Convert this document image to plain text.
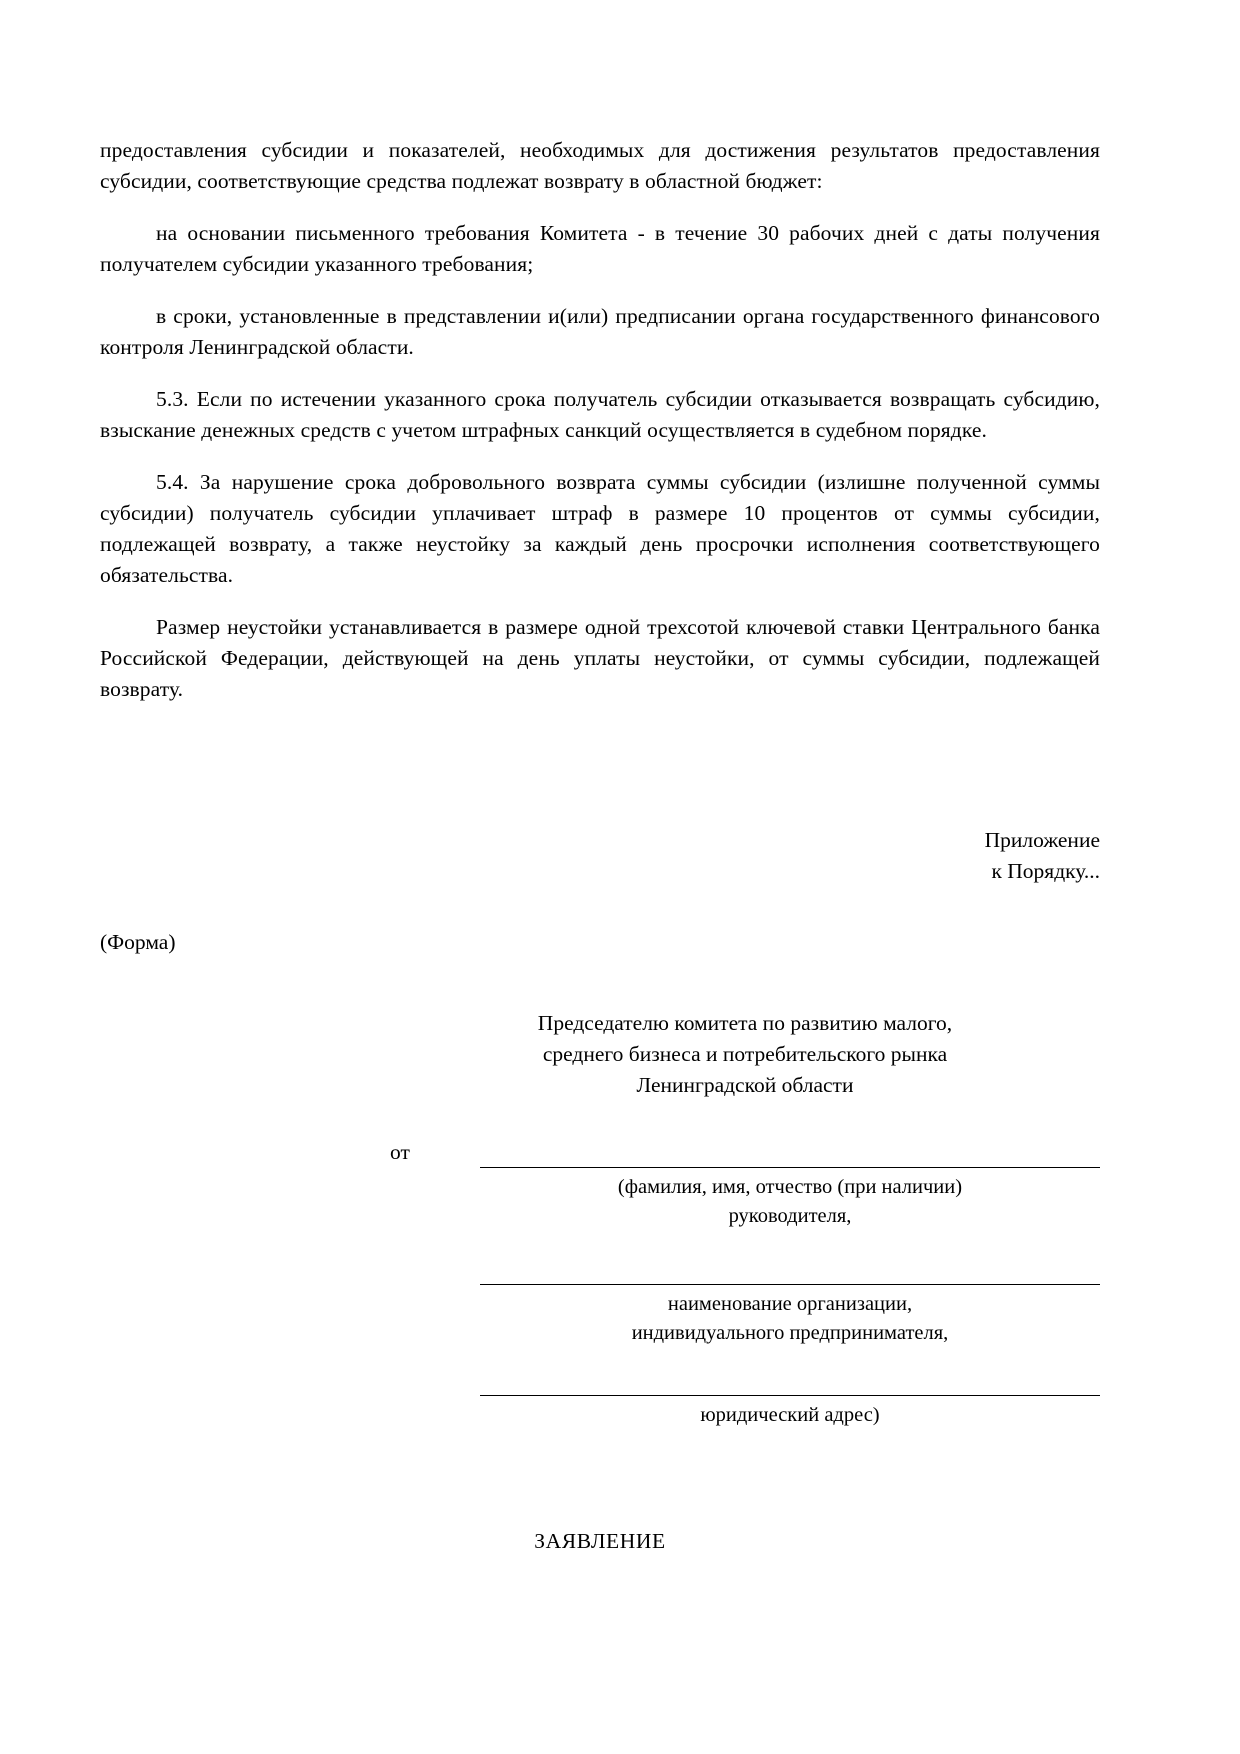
предоставления субсидии и показателей, необходимых для достижения результатов предоставления субсидии, соответствующие средства подлежат возврату в областной бюджет:

на основании письменного требования Комитета - в течение 30 рабочих дней с даты получения получателем субсидии указанного требования;

в сроки, установленные в представлении и(или) предписании органа государственного финансового контроля Ленинградской области.

5.3. Если по истечении указанного срока получатель субсидии отказывается возвращать субсидию, взыскание денежных средств с учетом штрафных санкций осуществляется в судебном порядке.

5.4. За нарушение срока добровольного возврата суммы субсидии (излишне полученной суммы субсидии) получатель субсидии уплачивает штраф в размере 10 процентов от суммы субсидии, подлежащей возврату, а также неустойку за каждый день просрочки исполнения соответствующего обязательства.

Размер неустойки устанавливается в размере одной трехсотой ключевой ставки Центрального банка Российской Федерации, действующей на день уплаты неустойки, от суммы субсидии, подлежащей возврату.

Приложение
к Порядку...
(Форма)
Председателю комитета по развитию малого,
среднего бизнеса и потребительского рынка
Ленинградской области
от
(фамилия, имя, отчество (при наличии)
руководителя,
наименование организации,
индивидуального предпринимателя,
юридический адрес)
ЗАЯВЛЕНИЕ
